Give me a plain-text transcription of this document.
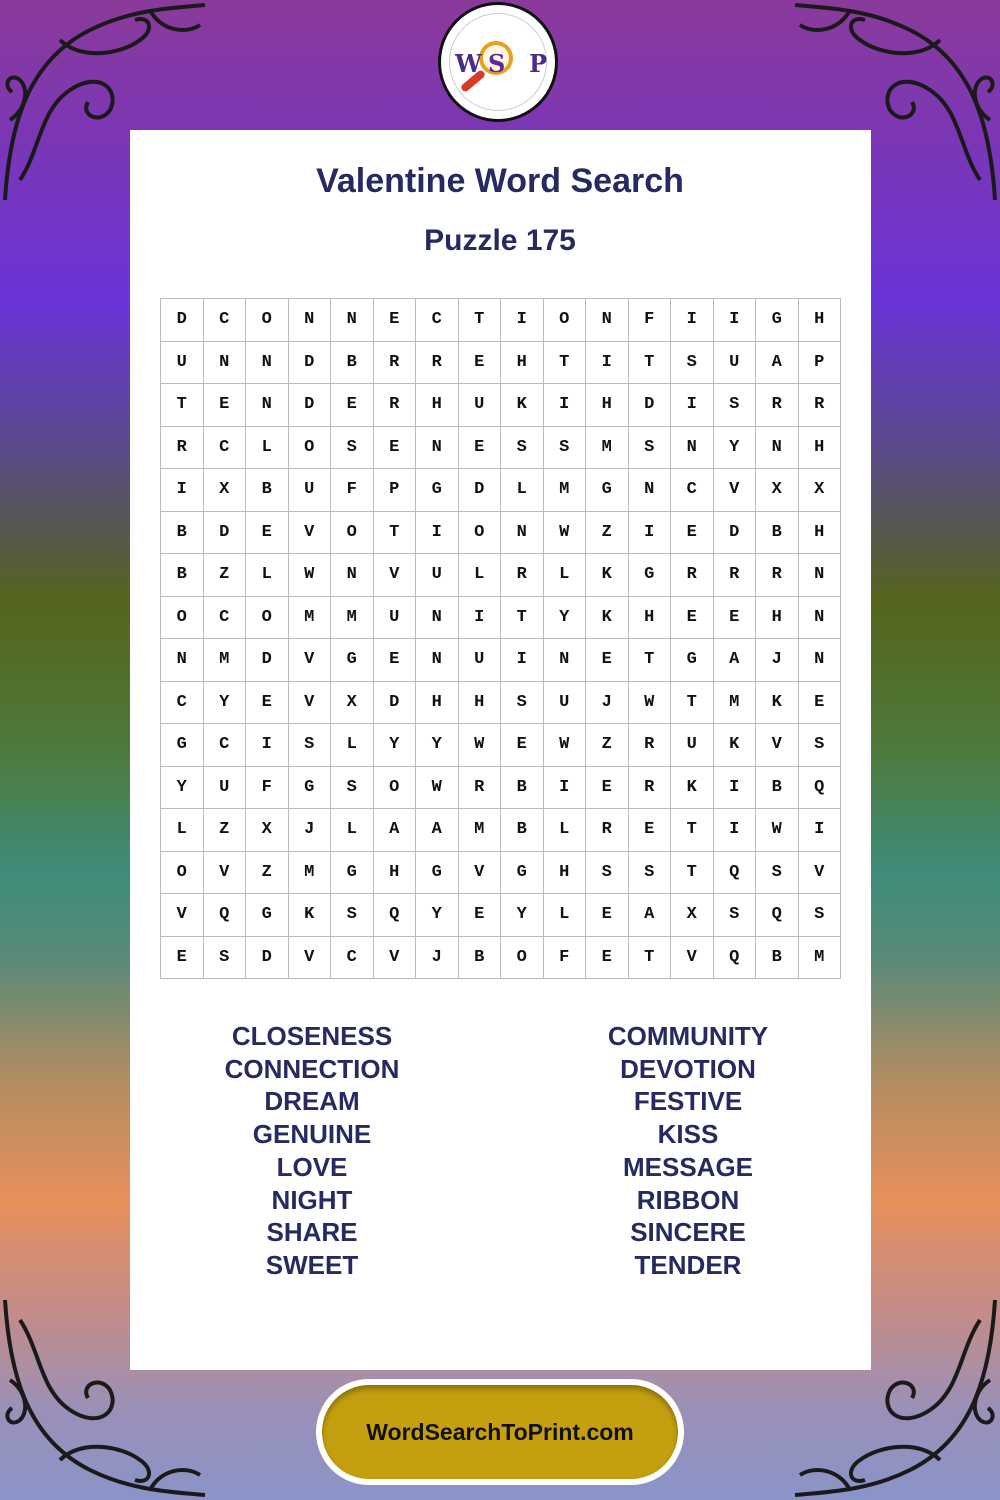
W S P
Valentine Word Search
Puzzle 175
D	C	O	N	N	E	C	T	I	O	N	F	I	I	G	H
U	N	N	D	B	R	R	E	H	T	I	T	S	U	A	P
T	E	N	D	E	R	H	U	K	I	H	D	I	S	R	R
R	C	L	O	S	E	N	E	S	S	M	S	N	Y	N	H
I	X	B	U	F	P	G	D	L	M	G	N	C	V	X	X
B	D	E	V	O	T	I	O	N	W	Z	I	E	D	B	H
B	Z	L	W	N	V	U	L	R	L	K	G	R	R	R	N
O	C	O	M	M	U	N	I	T	Y	K	H	E	E	H	N
N	M	D	V	G	E	N	U	I	N	E	T	G	A	J	N
C	Y	E	V	X	D	H	H	S	U	J	W	T	M	K	E
G	C	I	S	L	Y	Y	W	E	W	Z	R	U	K	V	S
Y	U	F	G	S	O	W	R	B	I	E	R	K	I	B	Q
L	Z	X	J	L	A	A	M	B	L	R	E	T	I	W	I
O	V	Z	M	G	H	G	V	G	H	S	S	T	Q	S	V
V	Q	G	K	S	Q	Y	E	Y	L	E	A	X	S	Q	S
E	S	D	V	C	V	J	B	O	F	E	T	V	Q	B	M
CLOSENESS
CONNECTION
DREAM
GENUINE
LOVE
NIGHT
SHARE
SWEET
COMMUNITY
DEVOTION
FESTIVE
KISS
MESSAGE
RIBBON
SINCERE
TENDER
WordSearchToPrint.com
